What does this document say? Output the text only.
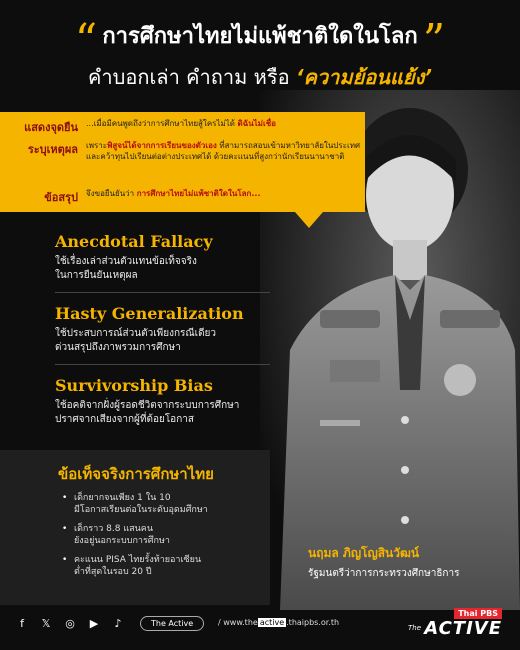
“ การศึกษาไทยไม่แพ้ชาติใดในโลก ”
คำบอกเล่า คำถาม หรือ ‘ความย้อนแย้ง’
แสดงจุดยืน	...เมื่อมีคนพูดถึงว่าการศึกษาไทยสู้ใครไม่ได้ ดิฉันไม่เชื่อ
ระบุเหตุผล	เพราะพิสูจน์ได้จากการเรียนของตัวเอง ที่สามารถสอบเข้ามหาวิทยาลัยในประเทศและคว้าทุนไปเรียนต่อต่างประเทศได้ ด้วยคะแนนที่สูงกว่านักเรียนนานาชาติ
ข้อสรุป	จึงขอยืนยันว่า การศึกษาไทยไม่แพ้ชาติใดในโลก...
Anecdotal Fallacy
ใช้เรื่องเล่าส่วนตัวแทนข้อเท็จจริง
ในการยืนยันเหตุผล
Hasty Generalization
ใช้ประสบการณ์ส่วนตัวเพียงกรณีเดียว
ด่วนสรุปถึงภาพรวมการศึกษา
Survivorship Bias
ใช้อคติจากฝั่งผู้รอดชีวิตจากระบบการศึกษา
ปราศจากเสียงจากผู้ที่ด้อยโอกาส
ข้อเท็จจริงการศึกษาไทย
• เด็กยากจนเพียง 1 ใน 10
มีโอกาสเรียนต่อในระดับอุดมศึกษา
• เด็กราว 8.8 แสนคน
ยังอยู่นอกระบบการศึกษา
• คะแนน PISA ไทยรั้งท้ายอาเซียน
ต่ำที่สุดในรอบ 20 ปี
นฤมล ภิญโญสินวัฒน์
รัฐมนตรีว่าการกระทรวงศึกษาธิการ
f	𝕏 ◎ ▶ ♪	The Active	/ www.the active .thaipbs.or.th
Thai PBS
The ACTIVE
